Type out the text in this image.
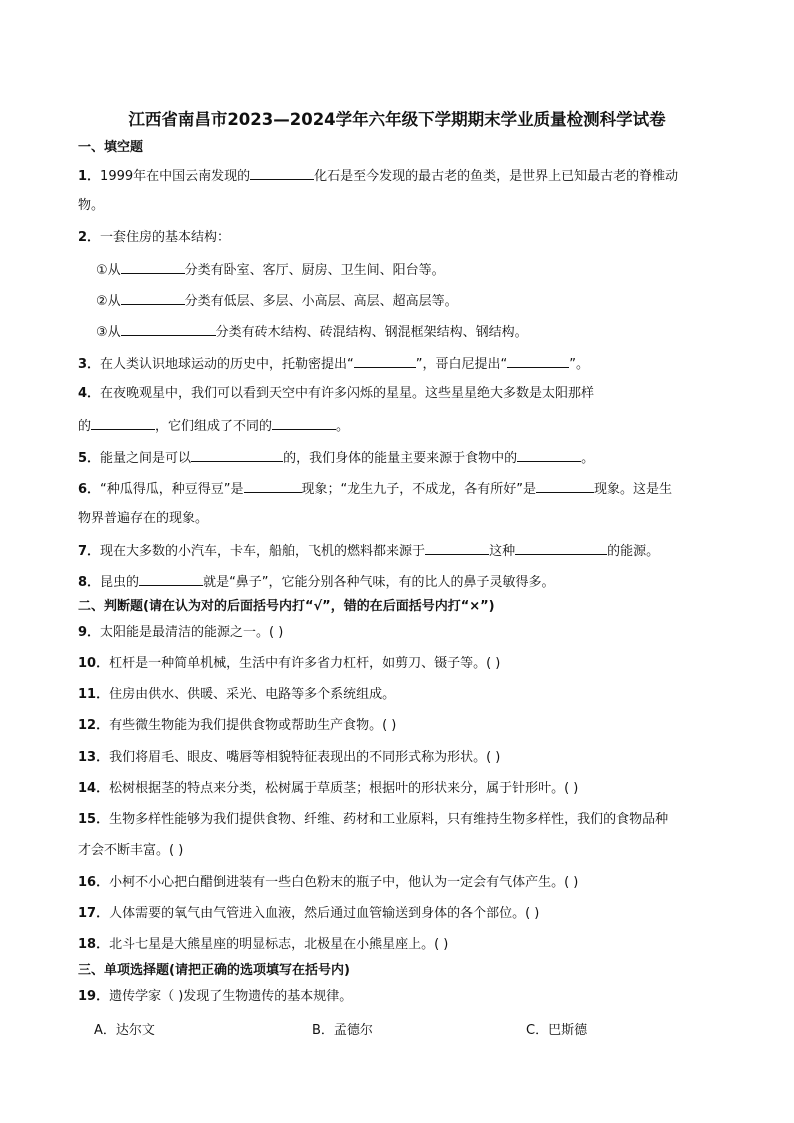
江西省南昌市2023—2024学年六年级下学期期末学业质量检测科学试卷
一、填空题
1．1999年在中国云南发现的	化石是至今发现的最古老的鱼类，是世界上已知最古老的脊椎动
物。
2．一套住房的基本结构：
①从	分类有卧室、客厅、厨房、卫生间、阳台等。
②从	分类有低层、多层、小高层、高层、超高层等。
③从	分类有砖木结构、砖混结构、钢混框架结构、钢结构。
3．在人类认识地球运动的历史中，托勒密提出“	”，哥白尼提出“	”。
4．在夜晚观星中，我们可以看到天空中有许多闪烁的星星。这些星星绝大多数是太阳那样
的	，它们组成了不同的	。
5．能量之间是可以	的，我们身体的能量主要来源于食物中的	。
6．“种瓜得瓜，种豆得豆”是	现象；“龙生九子，不成龙，各有所好”是	现象。这是生
物界普遍存在的现象。
7．现在大多数的小汽车，卡车，船舶，飞机的燃料都来源于	这种	的能源。
8．昆虫的	就是“鼻子”，它能分别各种气味，有的比人的鼻子灵敏得多。
二、判断题(请在认为对的后面括号内打“√”，错的在后面括号内打“×”)
9．太阳能是最清洁的能源之一。( )
10．杠杆是一种简单机械，生活中有许多省力杠杆，如剪刀、镊子等。( )
11．住房由供水、供暖、采光、电路等多个系统组成。
12．有些微生物能为我们提供食物或帮助生产食物。( )
13．我们将眉毛、眼皮、嘴唇等相貌特征表现出的不同形式称为形状。( )
14．松树根据茎的特点来分类，松树属于草质茎；根据叶的形状来分，属于针形叶。( )
15．生物多样性能够为我们提供食物、纤维、药材和工业原料，只有维持生物多样性，我们的食物品种
才会不断丰富。( )
16．小柯不小心把白醋倒进装有一些白色粉末的瓶子中，他认为一定会有气体产生。( )
17．人体需要的氧气由气管进入血液，然后通过血管输送到身体的各个部位。( )
18．北斗七星是大熊星座的明显标志，北极星在小熊星座上。( )
三、单项选择题(请把正确的选项填写在括号内)
19．遗传学家（ )发现了生物遗传的基本规律。
A．达尔文	B．孟德尔	C．巴斯德
